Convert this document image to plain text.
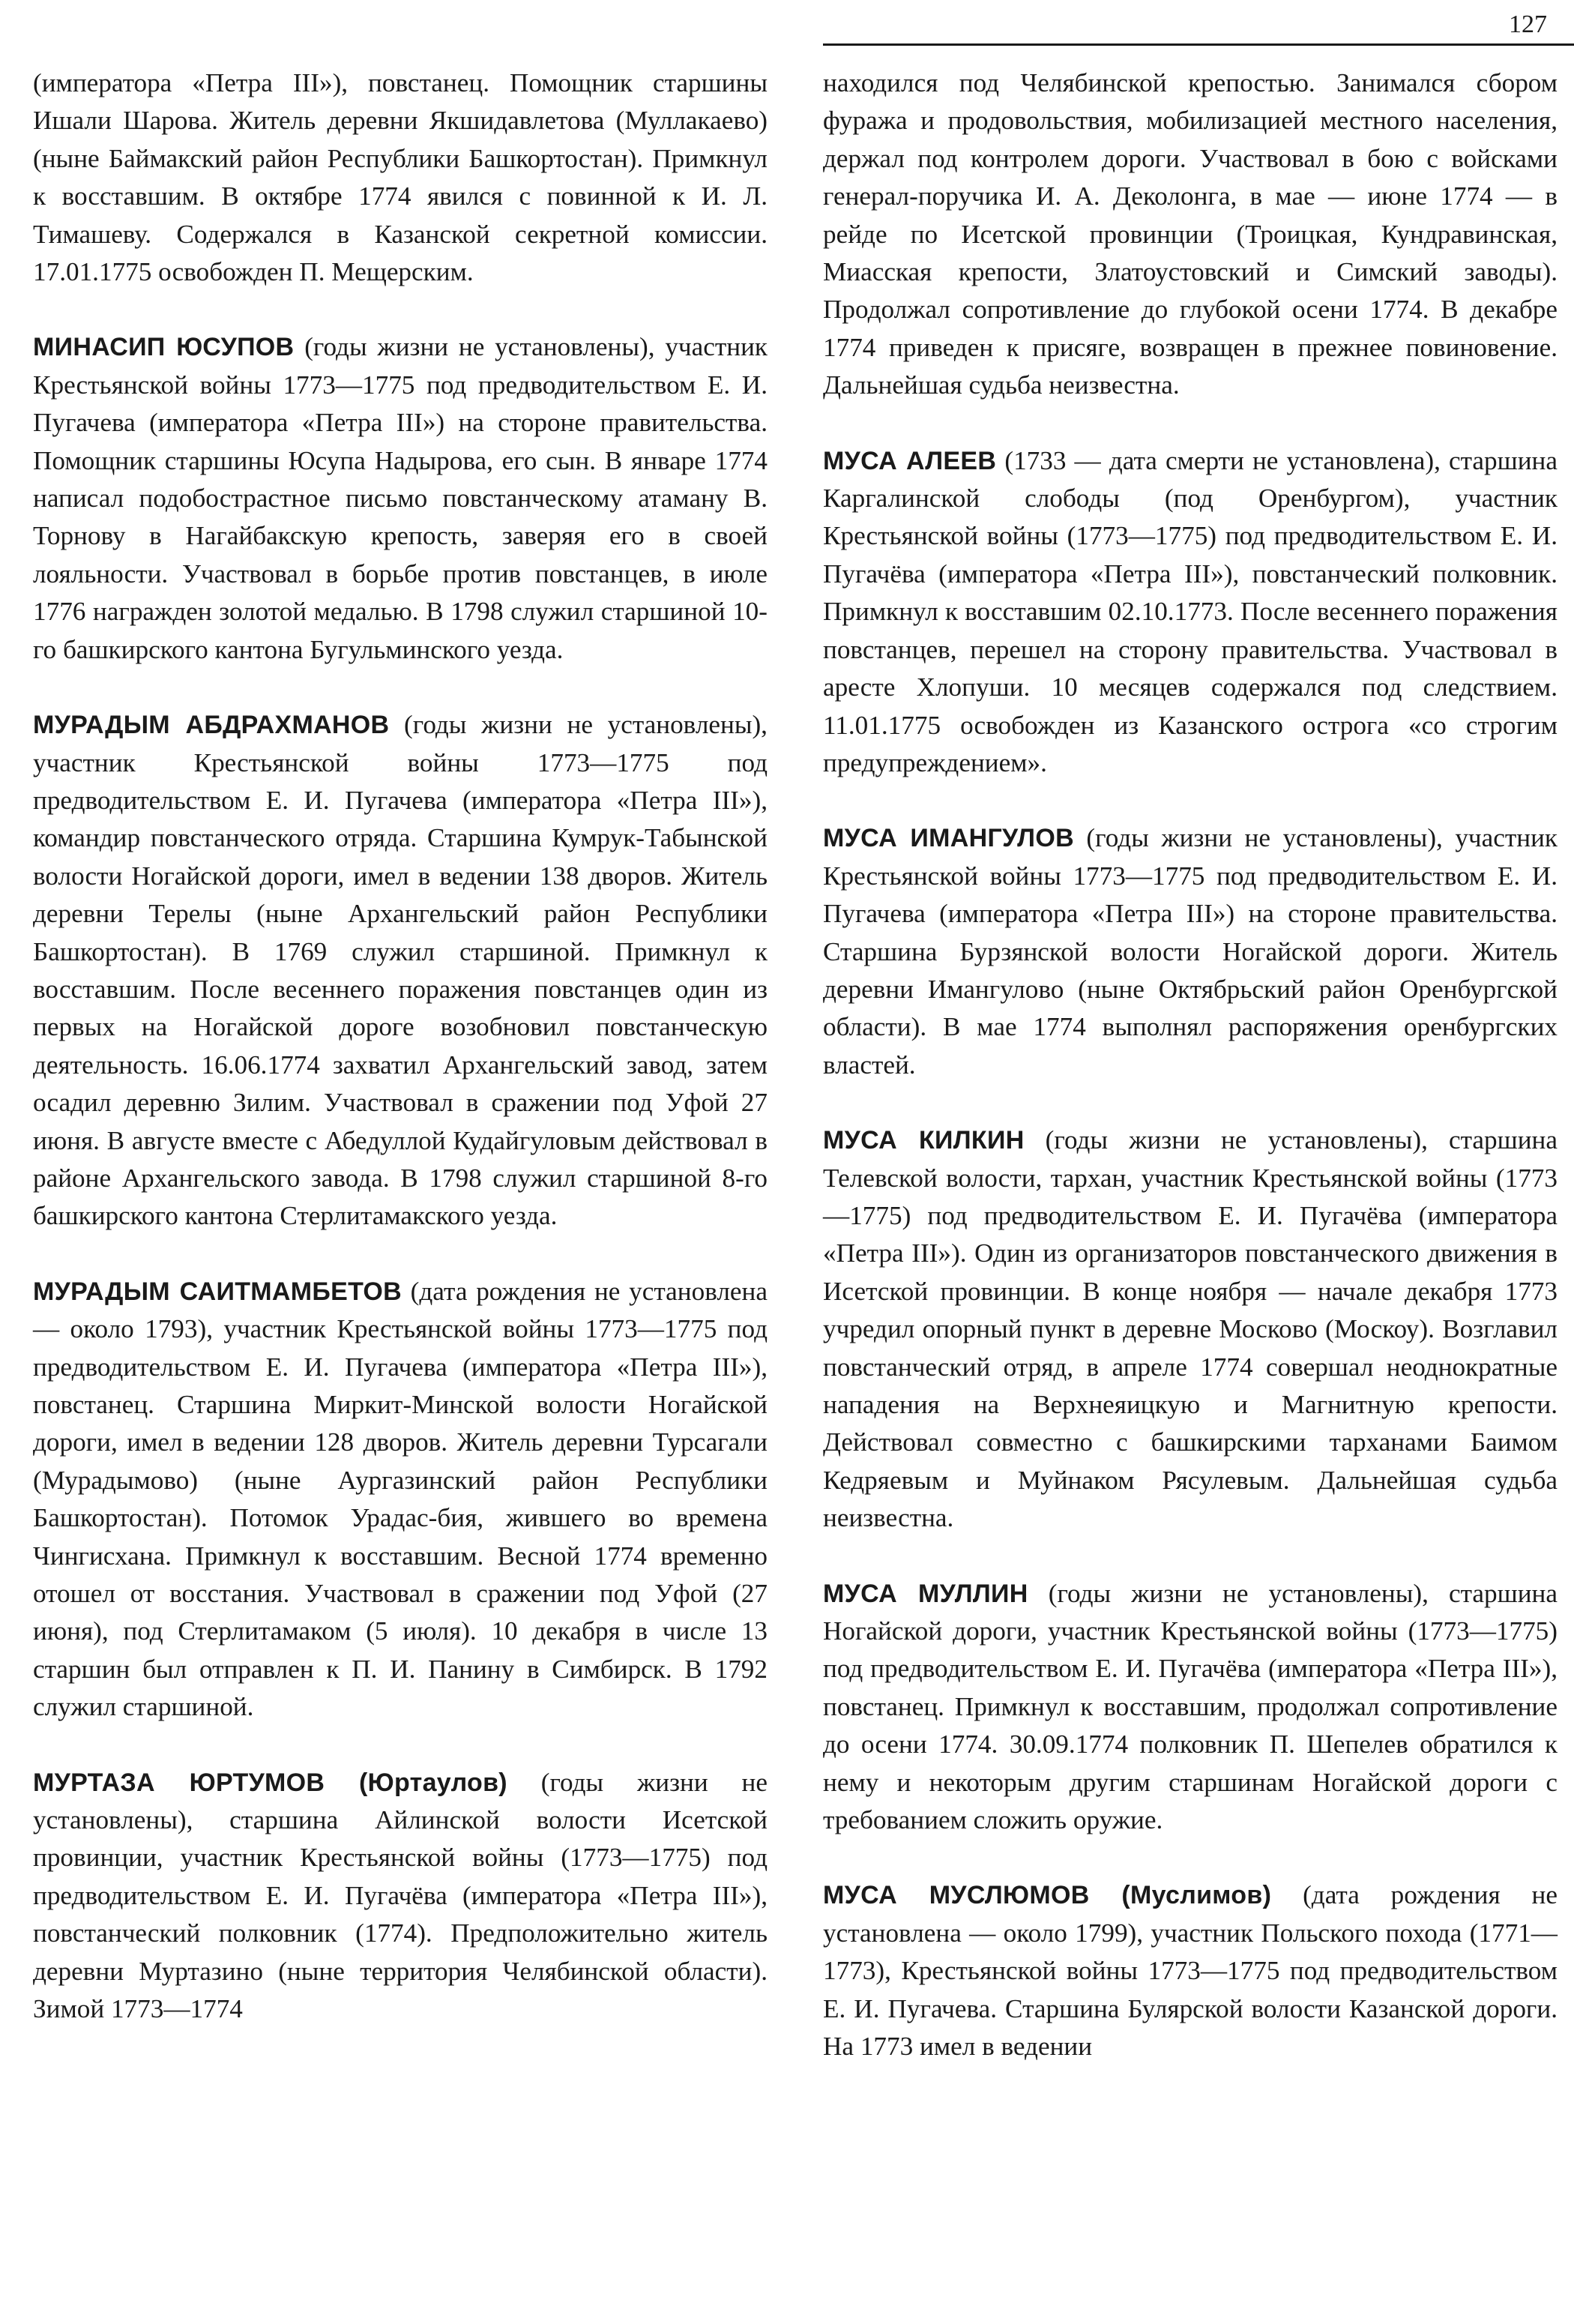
127

(императора «Петра III»), повстанец. Помощник старшины Ишали Шарова. Житель деревни Якшидавлетова (Муллакаево) (ныне Баймакский район Республики Башкортостан). Примкнул к восставшим. В октябре 1774 явился с повинной к И. Л. Тимашеву. Содержался в Казанской секретной комиссии. 17.01.1775 освобожден П. Мещерским.

МИНАСИП ЮСУПОВ (годы жизни не установлены), участник Крестьянской войны 1773—1775 под предводительством Е. И. Пугачева (императора «Петра III») на стороне правительства. Помощник старшины Юсупа Надырова, его сын. В январе 1774 написал подобострастное письмо повстанческому атаману В. Торнову в Нагайбакскую крепость, заверяя его в своей лояльности. Участвовал в борьбе против повстанцев, в июле 1776 награжден золотой медалью. В 1798 служил старшиной 10-го башкирского кантона Бугульминского уезда.

МУРАДЫМ АБДРАХМАНОВ (годы жизни не установлены), участник Крестьянской войны 1773—1775 под предводительством Е. И. Пугачева (императора «Петра III»), командир повстанческого отряда. Старшина Кумрук-Табынской волости Ногайской дороги, имел в ведении 138 дворов. Житель деревни Терелы (ныне Архангельский район Республики Башкортостан). В 1769 служил старшиной. Примкнул к восставшим. После весеннего поражения повстанцев один из первых на Ногайской дороге возобновил повстанческую деятельность. 16.06.1774 захватил Архангельский завод, затем осадил деревню Зилим. Участвовал в сражении под Уфой 27 июня. В августе вместе с Абедуллой Кудайгуловым действовал в районе Архангельского завода. В 1798 служил старшиной 8-го башкирского кантона Стерлитамакского уезда.

МУРАДЫМ САИТМАМБЕТОВ (дата рождения не установлена — около 1793), участник Крестьянской войны 1773—1775 под предводительством Е. И. Пугачева (императора «Петра III»), повстанец. Старшина Миркит-Минской волости Ногайской дороги, имел в ведении 128 дворов. Житель деревни Турсагали (Мурадымово) (ныне Аургазинский район Республики Башкортостан). Потомок Урадас-бия, жившего во времена Чингисхана. Примкнул к восставшим. Весной 1774 временно отошел от восстания. Участвовал в сражении под Уфой (27 июня), под Стерлитамаком (5 июля). 10 декабря в числе 13 старшин был отправлен к П. И. Панину в Симбирск. В 1792 служил старшиной.

МУРТАЗА ЮРТУМОВ (Юртаулов) (годы жизни не установлены), старшина Айлинской волости Исетской провинции, участник Крестьянской войны (1773—1775) под предводительством Е. И. Пугачёва (императора «Петра III»), повстанческий полковник (1774). Предположительно житель деревни Муртазино (ныне территория Челябинской области). Зимой 1773—1774

находился под Челябинской крепостью. Занимался сбором фуража и продовольствия, мобилизацией местного населения, держал под контролем дороги. Участвовал в бою с войсками генерал-поручика И. А. Деколонга, в мае — июне 1774 — в рейде по Исетской провинции (Троицкая, Кундравинская, Миасская крепости, Златоустовский и Симский заводы). Продолжал сопротивление до глубокой осени 1774. В декабре 1774 приведен к присяге, возвращен в прежнее повиновение. Дальнейшая судьба неизвестна.

МУСА АЛЕЕВ (1733 — дата смерти не установлена), старшина Каргалинской слободы (под Оренбургом), участник Крестьянской войны (1773—1775) под предводительством Е. И. Пугачёва (императора «Петра III»), повстанческий полковник. Примкнул к восставшим 02.10.1773. После весеннего поражения повстанцев, перешел на сторону правительства. Участвовал в аресте Хлопуши. 10 месяцев содержался под следствием. 11.01.1775 освобожден из Казанского острога «со строгим предупреждением».

МУСА ИМАНГУЛОВ (годы жизни не установлены), участник Крестьянской войны 1773—1775 под предводительством Е. И. Пугачева (императора «Петра III») на стороне правительства. Старшина Бурзянской волости Ногайской дороги. Житель деревни Имангулово (ныне Октябрьский район Оренбургской области). В мае 1774 выполнял распоряжения оренбургских властей.

МУСА КИЛКИН (годы жизни не установлены), старшина Телевской волости, тархан, участник Крестьянской войны (1773—1775) под предводительством Е. И. Пугачёва (императора «Петра III»). Один из организаторов повстанческого движения в Исетской провинции. В конце ноября — начале декабря 1773 учредил опорный пункт в деревне Москово (Москоу). Возглавил повстанческий отряд, в апреле 1774 совершал неоднократные нападения на Верхнеяицкую и Магнитную крепости. Действовал совместно с башкирскими тарханами Баимом Кедряевым и Муйнаком Рясулевым. Дальнейшая судьба неизвестна.

МУСА МУЛЛИН (годы жизни не установлены), старшина Ногайской дороги, участник Крестьянской войны (1773—1775) под предводительством Е. И. Пугачёва (императора «Петра III»), повстанец. Примкнул к восставшим, продолжал сопротивление до осени 1774. 30.09.1774 полковник П. Шепелев обратился к нему и некоторым другим старшинам Ногайской дороги с требованием сложить оружие.

МУСА МУСЛЮМОВ (Муслимов) (дата рождения не установлена — около 1799), участник Польского похода (1771—1773), Крестьянской войны 1773—1775 под предводительством Е. И. Пугачева. Старшина Булярской волости Казанской дороги. На 1773 имел в ведении
